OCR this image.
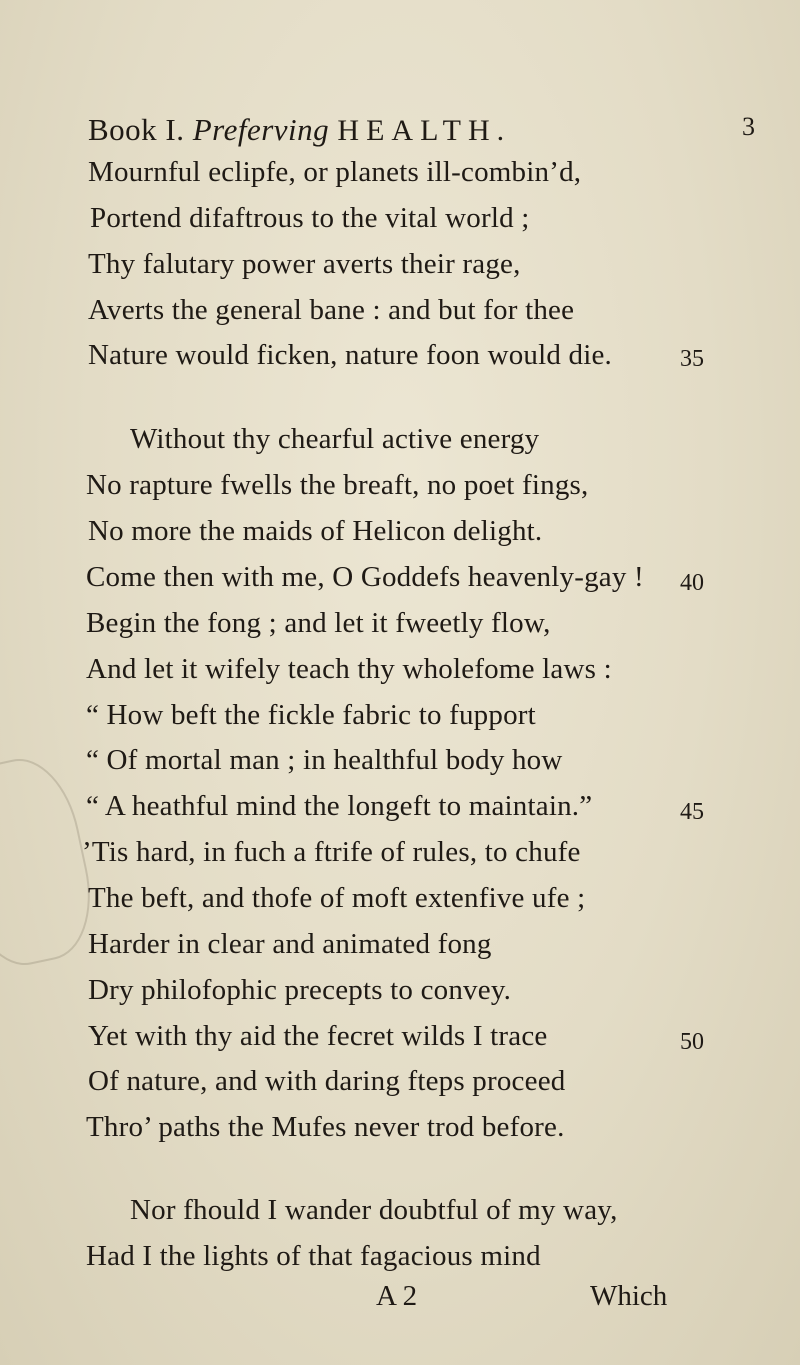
Book I. Preferving HEALTH.	3
Mournful eclipfe, or planets ill-combin’d,
Portend difaftrous to the vital world ;
Thy falutary power averts their rage,
Averts the general bane : and but for thee
Nature would ficken, nature foon would die.
Without thy chearful active energy
No rapture fwells the breaft, no poet fings,
No more the maids of Helicon delight.
Come then with me, O Goddefs heavenly-gay !
Begin the fong ; and let it fweetly flow,
And let it wifely teach thy wholefome laws :
“ How beft the fickle fabric to fupport
“ Of mortal man ; in healthful body how
“ A heathful mind the longeft to maintain.”
’Tis hard, in fuch a ftrife of rules, to chufe
The beft, and thofe of moft extenfive ufe ;
Harder in clear and animated fong
Dry philofophic precepts to convey.
Yet with thy aid the fecret wilds I trace
Of nature, and with daring fteps proceed
Thro’ paths the Mufes never trod before.
Nor fhould I wander doubtful of my way,
Had I the lights of that fagacious mind
35
40
45
50
A 2	Which
